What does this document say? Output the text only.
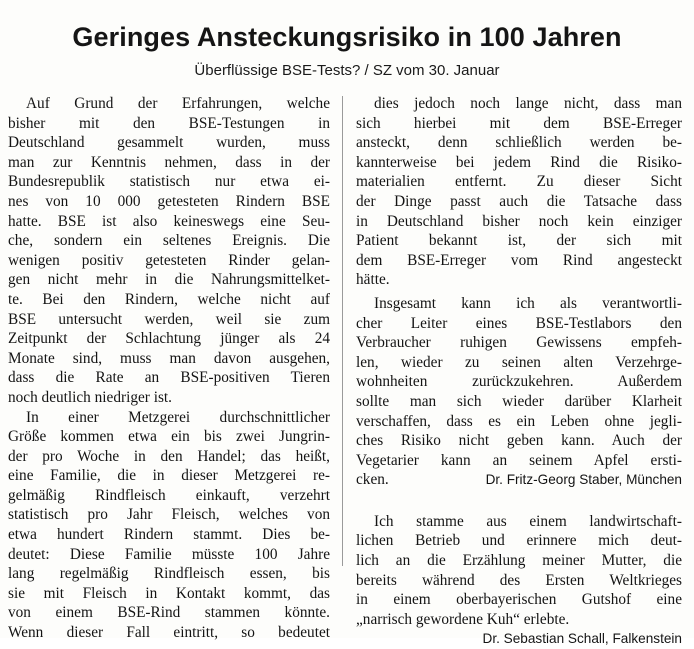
Geringes Ansteckungsrisiko in 100 Jahren
Überflüssige BSE-Tests? / SZ vom 30. Januar
Auf Grund der Erfahrungen, welche
bisher mit den BSE-Testungen in
Deutschland gesammelt wurden, muss
man zur Kenntnis nehmen, dass in der
Bundesrepublik statistisch nur etwa ei-
nes von 10 000 getesteten Rindern BSE
hatte. BSE ist also keineswegs eine Seu-
che, sondern ein seltenes Ereignis. Die
wenigen positiv getesteten Rinder gelan-
gen nicht mehr in die Nahrungsmittelket-
te. Bei den Rindern, welche nicht auf
BSE untersucht werden, weil sie zum
Zeitpunkt der Schlachtung jünger als 24
Monate sind, muss man davon ausgehen,
dass die Rate an BSE-positiven Tieren
noch deutlich niedriger ist.
In einer Metzgerei durchschnittlicher
Größe kommen etwa ein bis zwei Jungrin-
der pro Woche in den Handel; das heißt,
eine Familie, die in dieser Metzgerei re-
gelmäßig Rindfleisch einkauft, verzehrt
statistisch pro Jahr Fleisch, welches von
etwa hundert Rindern stammt. Dies be-
deutet: Diese Familie müsste 100 Jahre
lang regelmäßig Rindfleisch essen, bis
sie mit Fleisch in Kontakt kommt, das
von einem BSE-Rind stammen könnte.
Wenn dieser Fall eintritt, so bedeutet
dies jedoch noch lange nicht, dass man
sich hierbei mit dem BSE-Erreger
ansteckt, denn schließlich werden be-
kannterweise bei jedem Rind die Risiko-
materialien entfernt. Zu dieser Sicht
der Dinge passt auch die Tatsache dass
in Deutschland bisher noch kein einziger
Patient bekannt ist, der sich mit
dem BSE-Erreger vom Rind angesteckt
hätte.
Insgesamt kann ich als verantwortli-
cher Leiter eines BSE-Testlabors den
Verbraucher ruhigen Gewissens empfeh-
len, wieder zu seinen alten Verzehrge-
wohnheiten zurückzukehren. Außerdem
sollte man sich wieder darüber Klarheit
verschaffen, dass es ein Leben ohne jegli-
ches Risiko nicht geben kann. Auch der
Vegetarier kann an seinem Apfel ersti-
cken.	Dr. Fritz-Georg Staber, München
Ich stamme aus einem landwirtschaft-
lichen Betrieb und erinnere mich deut-
lich an die Erzählung meiner Mutter, die
bereits während des Ersten Weltkrieges
in einem oberbayerischen Gutshof eine
„narrisch gewordene Kuh“ erlebte.
Dr. Sebastian Schall, Falkenstein
